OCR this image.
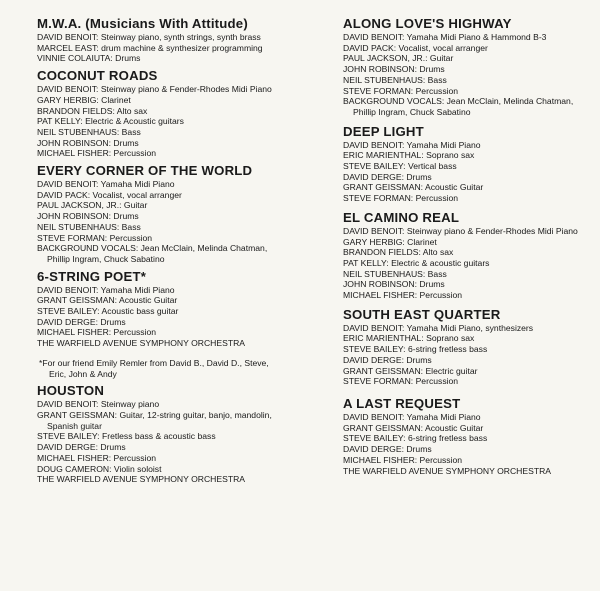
M.W.A. (Musicians With Attitude)
DAVID BENOIT: Steinway piano, synth strings, synth brass
MARCEL EAST: drum machine & synthesizer programming
VINNIE COLAIUTA: Drums
COCONUT ROADS
DAVID BENOIT: Steinway piano & Fender-Rhodes Midi Piano
GARY HERBIG: Clarinet
BRANDON FIELDS: Alto sax
PAT KELLY: Electric & Acoustic guitars
NEIL STUBENHAUS: Bass
JOHN ROBINSON: Drums
MICHAEL FISHER: Percussion
EVERY CORNER OF THE WORLD
DAVID BENOIT: Yamaha Midi Piano
DAVID PACK: Vocalist, vocal arranger
PAUL JACKSON, JR.: Guitar
JOHN ROBINSON: Drums
NEIL STUBENHAUS: Bass
STEVE FORMAN: Percussion
BACKGROUND VOCALS: Jean McClain, Melinda Chatman,
Phillip Ingram, Chuck Sabatino
6-STRING POET*
DAVID BENOIT: Yamaha Midi Piano
GRANT GEISSMAN: Acoustic Guitar
STEVE BAILEY: Acoustic bass guitar
DAVID DERGE: Drums
MICHAEL FISHER: Percussion
THE WARFIELD AVENUE SYMPHONY ORCHESTRA
*For our friend Emily Remler from David B., David D., Steve,
Eric, John & Andy
HOUSTON
DAVID BENOIT: Steinway piano
GRANT GEISSMAN: Guitar, 12-string guitar, banjo, mandolin,
Spanish guitar
STEVE BAILEY: Fretless bass & acoustic bass
DAVID DERGE: Drums
MICHAEL FISHER: Percussion
DOUG CAMERON: Violin soloist
THE WARFIELD AVENUE SYMPHONY ORCHESTRA
ALONG LOVE'S HIGHWAY
DAVID BENOIT: Yamaha Midi Piano & Hammond B-3
DAVID PACK: Vocalist, vocal arranger
PAUL JACKSON, JR.: Guitar
JOHN ROBINSON: Drums
NEIL STUBENHAUS: Bass
STEVE FORMAN: Percussion
BACKGROUND VOCALS: Jean McClain, Melinda Chatman,
Phillip Ingram, Chuck Sabatino
DEEP LIGHT
DAVID BENOIT: Yamaha Midi Piano
ERIC MARIENTHAL: Soprano sax
STEVE BAILEY: Vertical bass
DAVID DERGE: Drums
GRANT GEISSMAN: Acoustic Guitar
STEVE FORMAN: Percussion
EL CAMINO REAL
DAVID BENOIT: Steinway piano & Fender-Rhodes Midi Piano
GARY HERBIG: Clarinet
BRANDON FIELDS: Alto sax
PAT KELLY: Electric & acoustic guitars
NEIL STUBENHAUS: Bass
JOHN ROBINSON: Drums
MICHAEL FISHER: Percussion
SOUTH EAST QUARTER
DAVID BENOIT: Yamaha Midi Piano, synthesizers
ERIC MARIENTHAL: Soprano sax
STEVE BAILEY: 6-string fretless bass
DAVID DERGE: Drums
GRANT GEISSMAN: Electric guitar
STEVE FORMAN: Percussion
A LAST REQUEST
DAVID BENOIT: Yamaha Midi Piano
GRANT GEISSMAN: Acoustic Guitar
STEVE BAILEY: 6-string fretless bass
DAVID DERGE: Drums
MICHAEL FISHER: Percussion
THE WARFIELD AVENUE SYMPHONY ORCHESTRA
